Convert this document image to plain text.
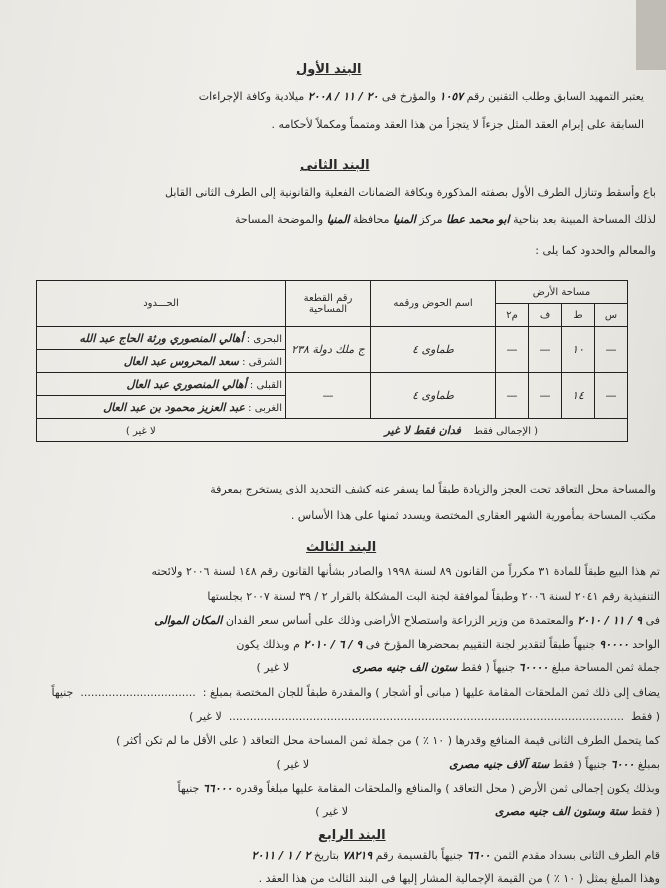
البند الأول
يعتبر التمهيد السابق وطلب التقنين رقم ١٠٥٧ والمؤرخ فى ٢٠ / ١١ / ٢٠٠٨ ميلادية وكافة الإجراءات
السابقة على إبرام العقد المثل جزءاً لا يتجزأ من هذا العقد ومتمماً ومكملاً لأحكامه .
البند الثانى
باع وأسقط وتنازل الطرف الأول بصفته المذكورة وبكافة الضمانات الفعلية والقانونية إلى الطرف الثانى القابل
لذلك المساحة المبينة بعد بناحية ابو محمد عطا مركز المنيا محافظة المنيا والموضحة المساحة
والمعالم والحدود كما يلى :
مساحة الأرض				اسم الحوض ورقمه	رقم القطعة المساحية	الحـــدود
س	ط	ف	م٢			
—	١٠	—	—	طماوى ٤	ج ملك دولة ٢٣٨	البحرى : أهالي المنصوري ورثة الحاج عبد الله
						الشرقى : سعد المحروس عبد العال
—	١٤	—	—	طماوى ٤	—	القبلى : أهالي المنصوري عبد العال
						الغربى : عبد العزيز محمود بن عبد العال
( الإجمالى فقط    فدان فقط لا غير                                                                        لا غير )						
والمساحة محل التعاقد تحت العجز والزيادة طبقاً لما يسفر عنه كشف التحديد الذى يستخرج بمعرفة
مكتب المساحة بمأمورية الشهر العقارى المختصة ويسدد ثمنها على هذا الأساس .
البند الثالث
تم هذا البيع طبقاً للمادة ٣١ مكرراً من القانون ٨٩ لسنة ١٩٩٨ والصادر بشأنها القانون رقم ١٤٨ لسنة ٢٠٠٦ ولائحته
التنفيذية رقم ٢٠٤١ لسنة ٢٠٠٦ وطبقاً لموافقة لجنة البت المشكلة بالقرار ٢ / ٣٩ لسنة ٢٠٠٧ بجلستها
فى ٩ / ١١ / ٢٠١٠ والمعتمدة من وزير الزراعة واستصلاح الأراضى وذلك على أساس سعر الفدان المكان الموالى
الواحد ٩٠٠٠٠ جنيهاً طبقاً لتقدير لجنة التقييم بمحضرها المؤرخ فى ٩ / ٦ / ٢٠١٠ م وبذلك يكون
جملة ثمن المساحة مبلغ ٦٠٠٠٠ جنيهاً ( فقط ستون الف جنيه مصرى                  لا غير )
يضاف إلى ذلك ثمن الملحقات المقامة عليها ( مبانى أو أشجار ) والمقدرة طبقاً للجان المختصة بمبلغ :  .................................  جنيهاً
( فقط  .................................................................................................................  لا غير )
كما يتحمل الطرف الثانى قيمة المنافع وقدرها ( ١٠ ٪ ) من جملة ثمن المساحة محل التعاقد ( على الأقل ما لم تكن أكثر )
بمبلغ ٦٠٠٠ جنيهاً ( فقط ستة آلاف جنيه مصرى                                        لا غير )
وبذلك يكون إجمالى ثمن الأرض ( محل التعاقد ) والمنافع والملحقات المقامة عليها مبلغاً وقدره ٦٦٠٠٠ جنيهاً
( فقط ستة وستون الف جنيه مصرى                                          لا غير )
البند الرابع
قام الطرف الثانى بسداد مقدم الثمن ٦٦٠٠ جنيهاً بالقسيمة رقم ٧٨٢١٩ بتاريخ ٢ / ١ / ٢٠١١
وهذا المبلغ يمثل ( ١٠ ٪ ) من القيمة الإجمالية المشار إليها فى البند الثالث من هذا العقد .
